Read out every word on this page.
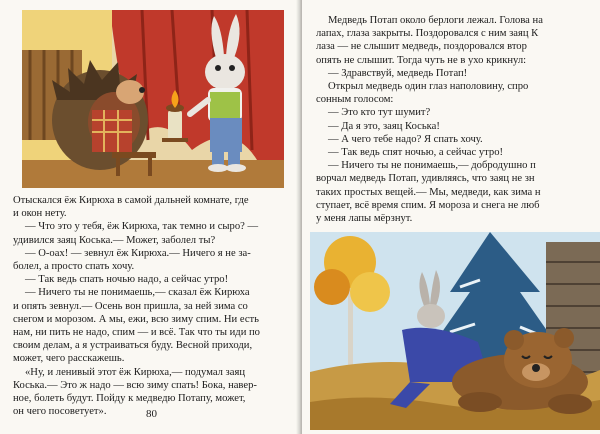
Отыскался ёж Кирюха в самой дальней комнате, где

и окон нету.

— Что это у тебя, ёж Кирюха, так темно и сыро? —

удивился заяц Коська.— Может, заболел ты?

— О-оах! — зевнул ёж Кирюха.— Ничего я не за-

болел, а просто спать хочу.

— Так ведь спать ночью надо, а сейчас утро!

— Ничего ты не понимаешь,— сказал ёж Кирюха

и опять зевнул.— Осень вон пришла, за ней зима со

снегом и морозом. А мы, ежи, всю зиму спим. Ни есть

нам, ни пить не надо, спим — и всё. Так что ты иди по

своим делам, а я устраиваться буду. Весной приходи,

может, чего расскажешь.

«Ну, и ленивый этот ёж Кирюха,— подумал заяц

Коська.— Это ж надо — всю зиму спать! Бока, навер-

ное, болеть будут. Пойду к медведю Потапу, может,

он чего посоветует».	80

Медведь Потап около берлоги лежал. Голова на

лапах, глаза закрыты. Поздоровался с ним заяц К

лаза — не слышит медведь, поздоровался втор

опять не слышит. Тогда чуть не в ухо крикнул:

— Здравствуй, медведь Потап!

Открыл медведь один глаз наполовину, спро

сонным голосом:

— Это кто тут шумит?

— Да я это, заяц Коська!

— А чего тебе надо? Я спать хочу.

— Так ведь спят ночью, а сейчас утро!

— Ничего ты не понимаешь,— добродушно п

ворчал медведь Потап, удивляясь, что заяц не зн

таких простых вещей.— Мы, медведи, как зима н

ступает, всё время спим. Я мороза и снега не люб

у меня лапы мёрзнут.
